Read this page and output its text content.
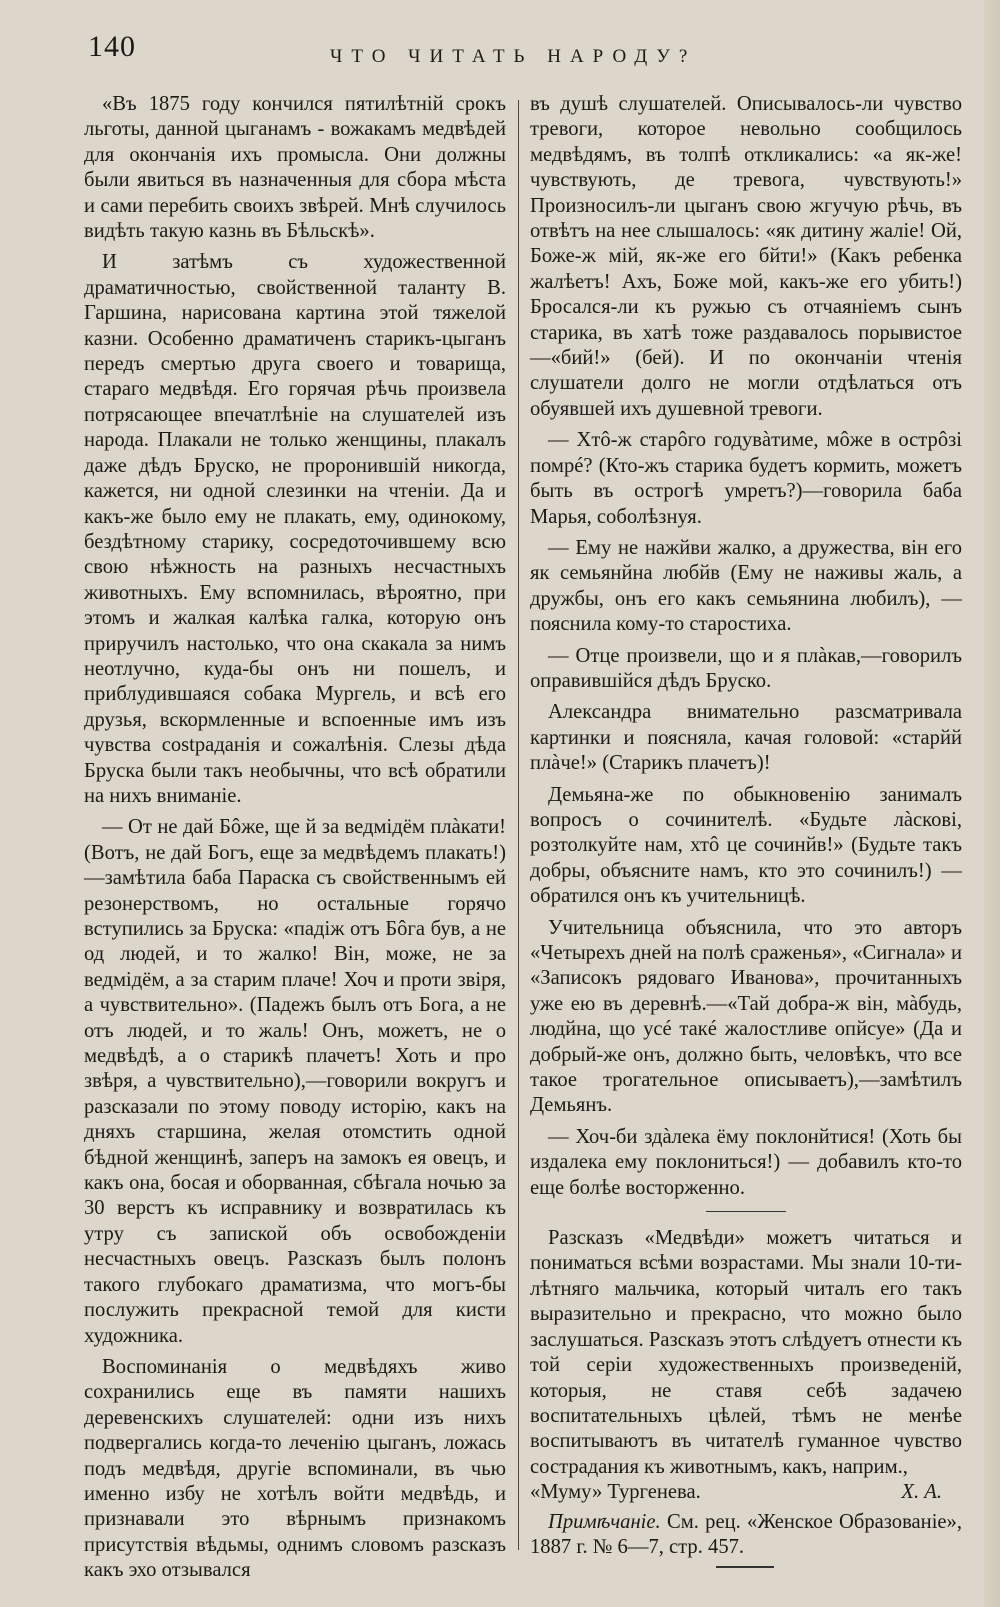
140	ЧТО ЧИТАТЬ НАРОДУ?

«Въ 1875 году кончился пятилѣтній срокъ льготы, данной цыганамъ - вожакамъ медвѣдей для окончанія ихъ промысла. Они должны были явиться въ назначенныя для сбора мѣста и сами перебить своихъ звѣрей. Мнѣ случилось видѣть такую казнь въ Бѣльскѣ».

И затѣмъ съ художественной драматичностью, свойственной таланту В. Гаршина, нарисована картина этой тяжелой казни. Особенно драматиченъ старикъ-цыганъ передъ смертью друга своего и товарища, стараго медвѣдя. Его горячая рѣчь произвела потрясающее впечатлѣніе на слушателей изъ народа. Плакали не только женщины, плакалъ даже дѣдъ Бруско, не проронившій никогда, кажется, ни одной слезинки на чтеніи. Да и какъ-же было ему не плакать, ему, одинокому, бездѣтному старику, сосредоточившему всю свою нѣжность на разныхъ несчастныхъ животныхъ. Ему вспомнилась, вѣроятно, при этомъ и жалкая калѣка галка, которую онъ приручилъ настолько, что она скакала за нимъ неотлучно, куда-бы онъ ни пошелъ, и приблудившаяся собака Мургель, и всѣ его друзья, вскормленные и вспоенные имъ изъ чувства сostраданія и сожалѣнія. Слезы дѣда Бруска были такъ необычны, что всѣ обратили на нихъ вниманіе.

— От не дай Бôже, ще й за ведмідём плàкати! (Вотъ, не дай Богъ, еще за медвѣдемъ плакать!)—замѣтила баба Параска съ свойственнымъ ей резонерствомъ, но остальные горячо вступились за Бруска: «падіж отъ Бôга був, а не од людей, и то жалко! Він, може, не за ведмідём, а за старим плаче! Хоч и проти звіря, а чувствительно». (Падежъ былъ отъ Бога, а не отъ людей, и то жаль! Онъ, можетъ, не о медвѣдѣ, а о старикѣ плачетъ! Хоть и про звѣря, а чувствительно),—говорили вокругъ и разсказали по этому поводу исторію, какъ на дняхъ старшина, желая отомстить одной бѣдной женщинѣ, заперъ на замокъ ея овецъ, и какъ она, босая и оборванная, сбѣгала ночью за 30 верстъ къ исправнику и возвратилась къ утру съ запиской объ освобожденіи несчастныхъ овецъ. Разсказъ былъ полонъ такого глубокаго драматизма, что могъ-бы послужить прекрасной темой для кисти художника.

Воспоминанія о медвѣдяхъ живо сохранились еще въ памяти нашихъ деревенскихъ слушателей: одни изъ нихъ подвергались когда-то леченію цыганъ, ложась подъ медвѣдя, другіе вспоминали, въ чью именно избу не хотѣлъ войти медвѣдь, и признавали это вѣрнымъ признакомъ присутствія вѣдьмы, однимъ словомъ разсказъ какъ эхо отзывался

въ душѣ слушателей. Описывалось-ли чувство тревоги, которое невольно сообщилось медвѣдямъ, въ толпѣ откликались: «а як-же! чувствують, де тревога, чувствують!» Произносилъ-ли цыганъ свою жгучую рѣчь, въ отвѣтъ на нее слышалось: «як дитину жаліе! Ой, Боже-ж мій, як-же его бйти!» (Какъ ребенка жалѣетъ! Ахъ, Боже мой, какъ-же его убить!) Бросался-ли къ ружью съ отчаяніемъ сынъ старика, въ хатѣ тоже раздавалось порывистое—«бий!» (бей). И по окончаніи чтенія слушатели долго не могли отдѣлаться отъ обуявшей ихъ душевной тревоги.

— Хтô-ж старôго годувàтиме, мôже в острôзі помрé? (Кто-жъ старика будетъ кормить, можетъ быть въ острогѣ умретъ?)—говорила баба Марья, соболѣзнуя.

— Ему не нажйви жалко, а дружества, він его як семьянйна любйв (Ему не наживы жаль, а дружбы, онъ его какъ семьянина любилъ), — пояснила кому-то старостиха.

— Отце произвели, що и я плàкав,—говорилъ оправившійся дѣдъ Бруско.

Александра внимательно разсматривала картинки и поясняла, качая головой: «старйй плàче!» (Старикъ плачетъ)!

Демьяна-же по обыкновенію занималъ вопросъ о сочинителѣ. «Будьте лàскові, розтолкуйте нам, хтô це сочинйв!» (Будьте такъ добры, объясните намъ, кто это сочинилъ!) —обратился онъ къ учительницѣ.

Учительница объяснила, что это авторъ «Четырехъ дней на полѣ сраженья», «Сигнала» и «Записокъ рядоваго Иванова», прочитанныхъ уже ею въ деревнѣ.—«Тай добра-ж він, мàбудь, людйна, що усé такé жалостливе опйсуе» (Да и добрый-же онъ, должно быть, человѣкъ, что все такое трогательное описываетъ),—замѣтилъ Демьянъ.

— Хоч-би здàлека ёму поклонйтися! (Хоть бы издалека ему поклониться!) — добавилъ кто-то еще болѣе восторженно.

Разсказъ «Медвѣди» можетъ читаться и пониматься всѣми возрастами. Мы знали 10-ти-лѣтняго мальчика, который читалъ его такъ выразительно и прекрасно, что можно было заслушаться. Разсказъ этотъ слѣдуетъ отнести къ той серіи художественныхъ произведеній, которыя, не ставя себѣ задачею воспитательныхъ цѣлей, тѣмъ не менѣе воспитываютъ въ читателѣ гуманное чувство сострадания къ животнымъ, какъ, наприм.,

«Муму» Тургенева.	Х. А.

Примѣчаніе. См. рец. «Женское Образованіе», 1887 г. № 6—7, стр. 457.
